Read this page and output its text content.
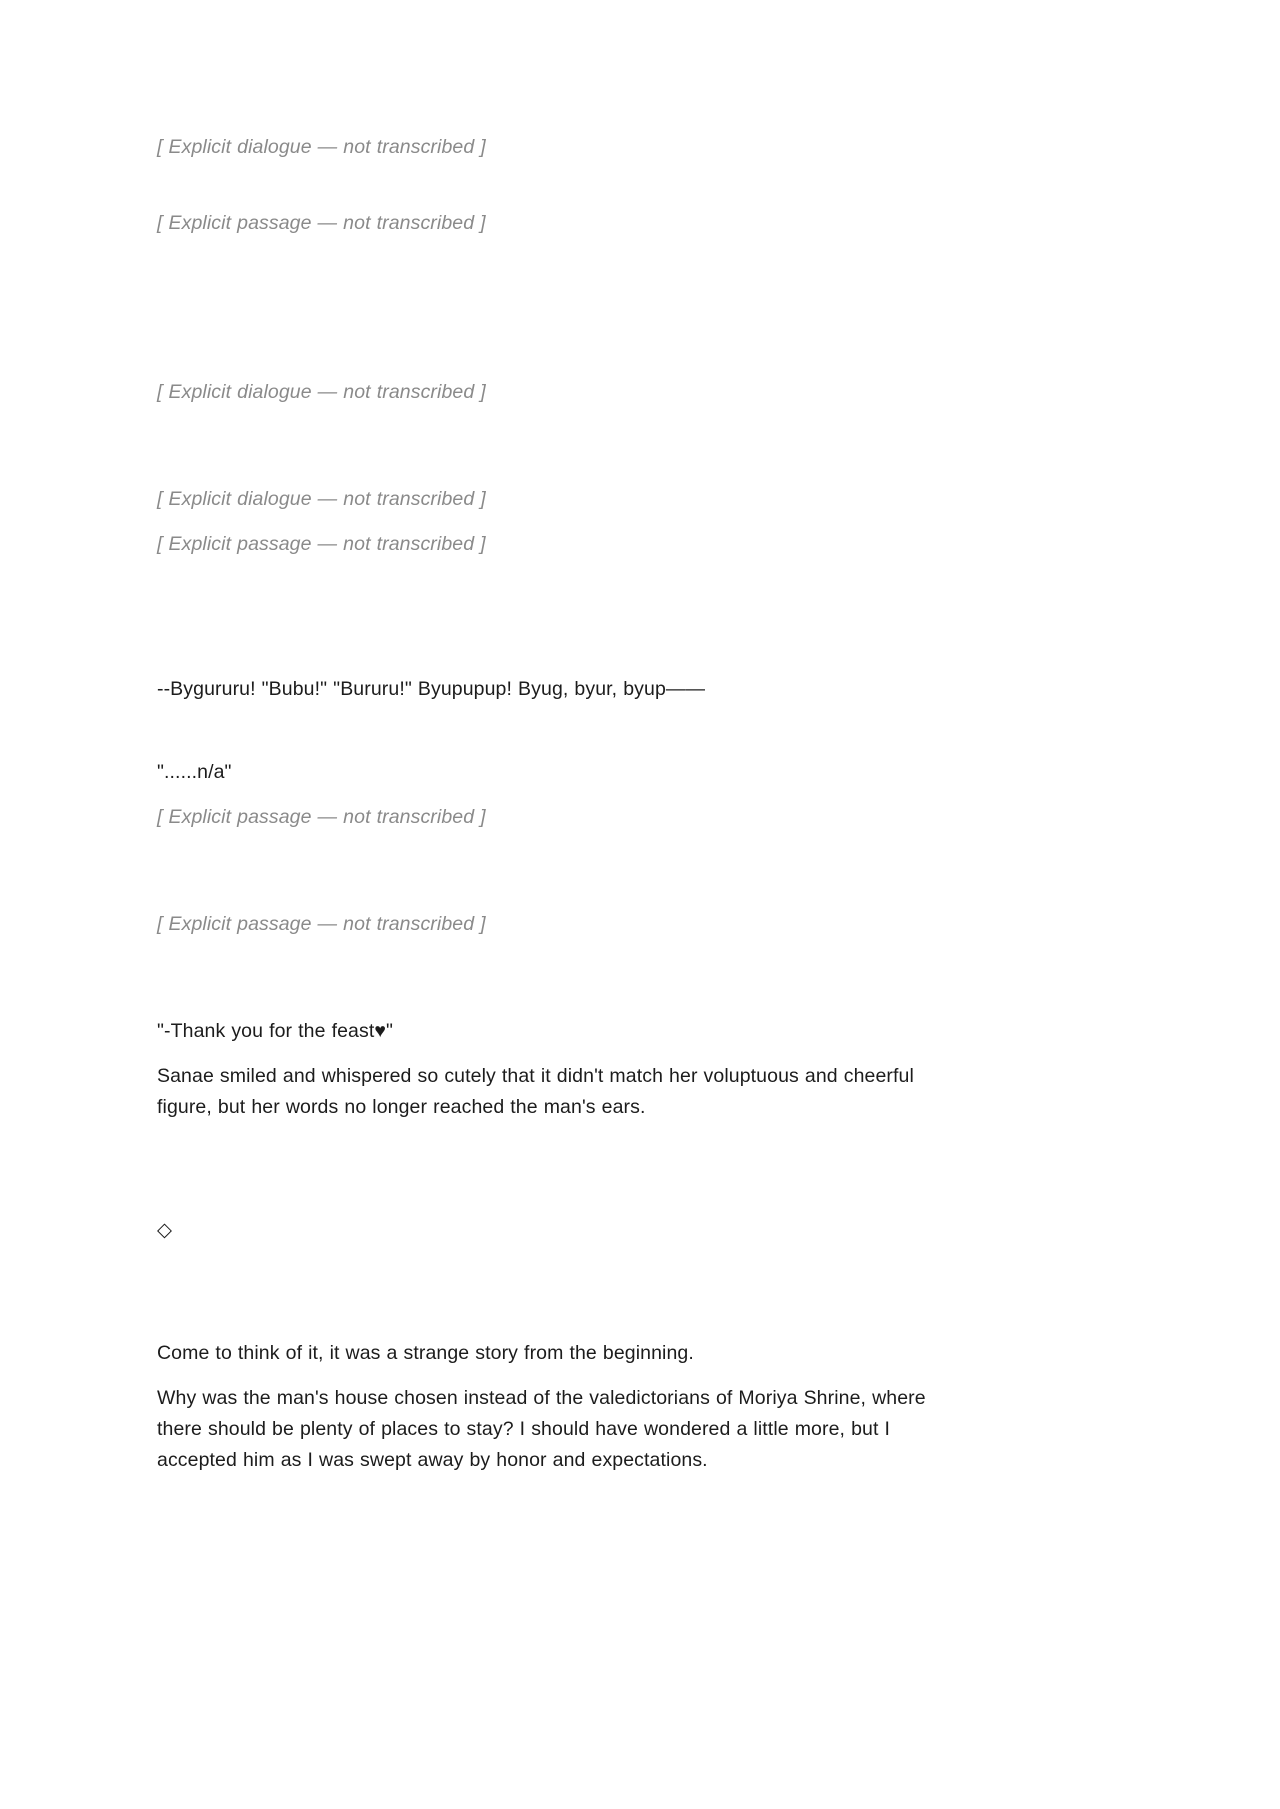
[ Explicit dialogue — not transcribed ]

[ Explicit passage — not transcribed ]

[ Explicit dialogue — not transcribed ]

[ Explicit dialogue — not transcribed ]

[ Explicit passage — not transcribed ]

--Bygururu! "Bubu!" "Bururu!" Byupupup! Byug, byur, byup——

"......n/a"

[ Explicit passage — not transcribed ]

[ Explicit passage — not transcribed ]

"-Thank you for the feast♥"

Sanae smiled and whispered so cutely that it didn't match her voluptuous and cheerful figure, but her words no longer reached the man's ears.

◇

Come to think of it, it was a strange story from the beginning.

Why was the man's house chosen instead of the valedictorians of Moriya Shrine, where there should be plenty of places to stay? I should have wondered a little more, but I accepted him as I was swept away by honor and expectations.
